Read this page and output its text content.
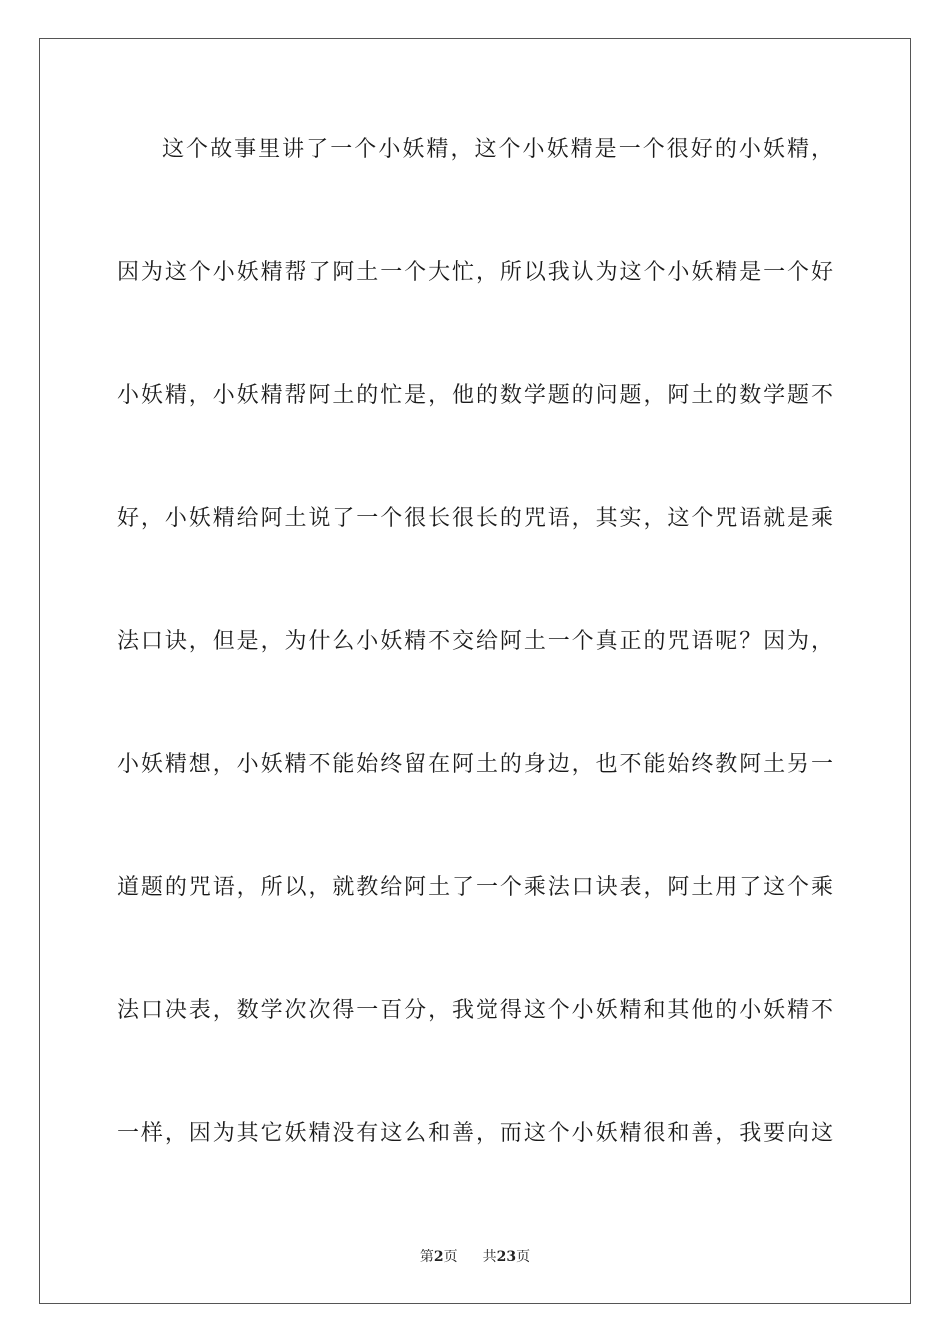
这个故事里讲了一个小妖精，这个小妖精是一个很好的小妖精，
因为这个小妖精帮了阿土一个大忙，所以我认为这个小妖精是一个好
小妖精，小妖精帮阿土的忙是，他的数学题的问题，阿土的数学题不
好，小妖精给阿土说了一个很长很长的咒语，其实，这个咒语就是乘
法口诀，但是，为什么小妖精不交给阿土一个真正的咒语呢？因为，
小妖精想，小妖精不能始终留在阿土的身边，也不能始终教阿土另一
道题的咒语，所以，就教给阿土了一个乘法口诀表，阿土用了这个乘
法口决表，数学次次得一百分，我觉得这个小妖精和其他的小妖精不
一样，因为其它妖精没有这么和善，而这个小妖精很和善，我要向这
第2页 共23页
